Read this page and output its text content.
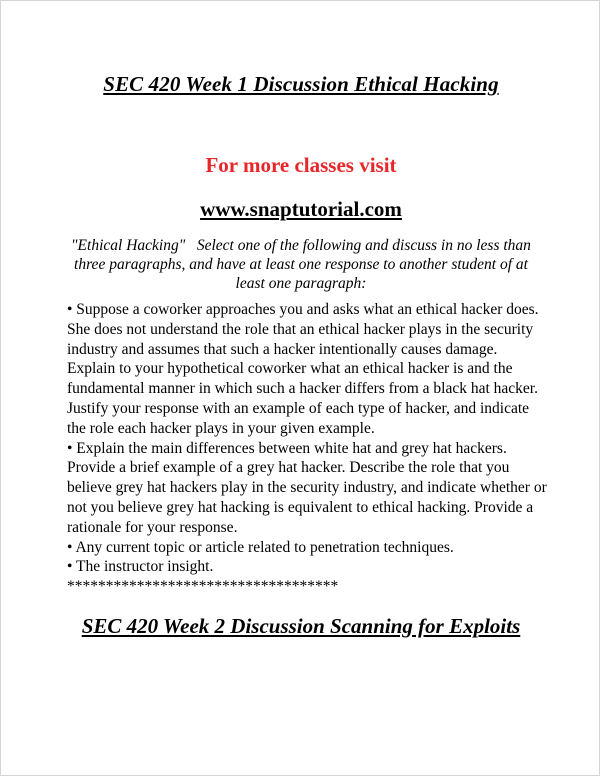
SEC 420 Week 1 Discussion Ethical Hacking
For more classes visit
www.snaptutorial.com
"Ethical Hacking"   Select one of the following and discuss in no less than three paragraphs, and have at least one response to another student of at least one paragraph:

• Suppose a coworker approaches you and asks what an ethical hacker does. She does not understand the role that an ethical hacker plays in the security industry and assumes that such a hacker intentionally causes damage. Explain to your hypothetical coworker what an ethical hacker is and the fundamental manner in which such a hacker differs from a black hat hacker. Justify your response with an example of each type of hacker, and indicate the role each hacker plays in your given example.

• Explain the main differences between white hat and grey hat hackers. Provide a brief example of a grey hat hacker. Describe the role that you believe grey hat hackers play in the security industry, and indicate whether or not you believe grey hat hacking is equivalent to ethical hacking. Provide a rationale for your response.

• Any current topic or article related to penetration techniques.

• The instructor insight.

***********************************

SEC 420 Week 2 Discussion Scanning for Exploits
